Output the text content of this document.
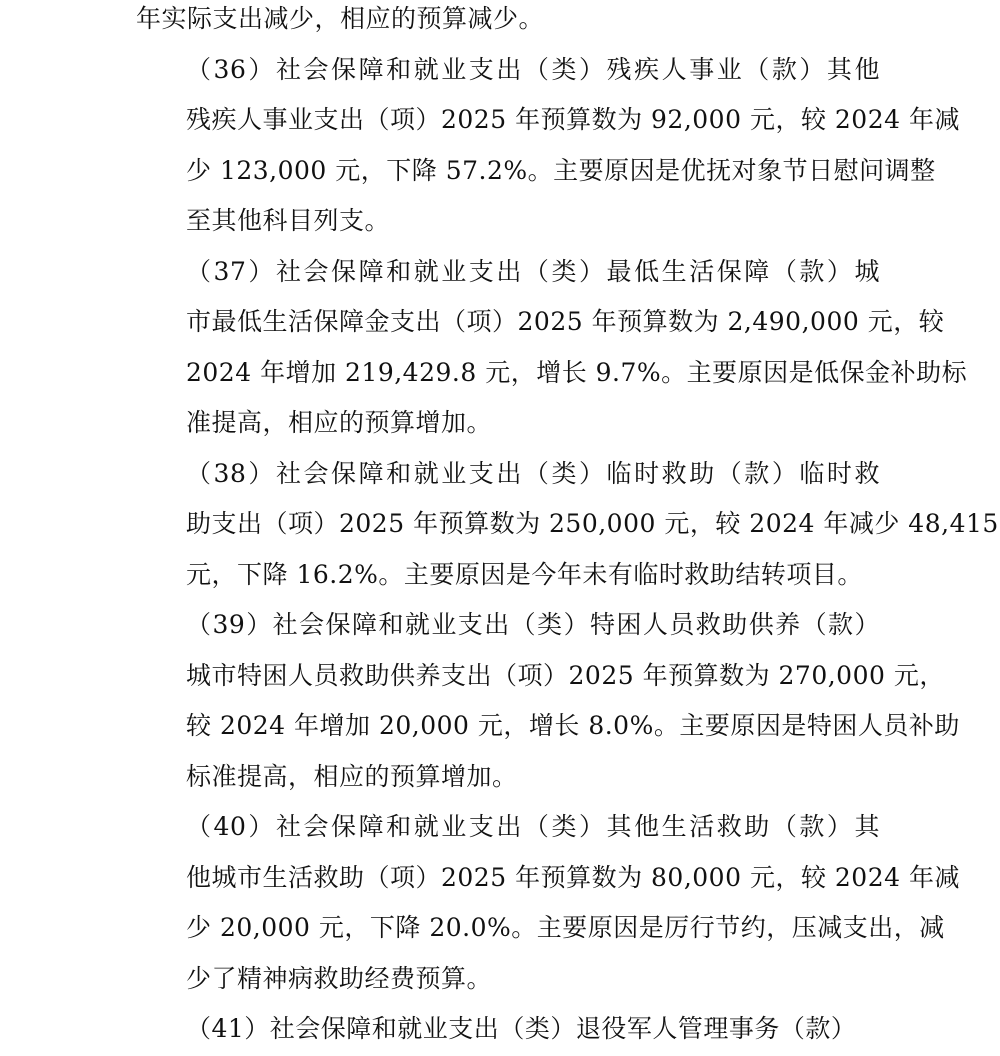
年实际支出减少，相应的预算减少。

（36）社会保障和就业支出（类）残疾人事业（款）其他
残疾人事业支出（项）2025 年预算数为 92,000 元，较 2024 年减
少 123,000 元，下降 57.2%。主要原因是优抚对象节日慰问调整
至其他科目列支。

（37）社会保障和就业支出（类）最低生活保障（款）城
市最低生活保障金支出（项）2025 年预算数为 2,490,000 元，较
2024 年增加 219,429.8 元，增长 9.7%。主要原因是低保金补助标
准提高，相应的预算增加。

（38）社会保障和就业支出（类）临时救助（款）临时救
助支出（项）2025 年预算数为 250,000 元，较 2024 年减少 48,415
元，下降 16.2%。主要原因是今年未有临时救助结转项目。

（39）社会保障和就业支出（类）特困人员救助供养（款）
城市特困人员救助供养支出（项）2025 年预算数为 270,000 元，
较 2024 年增加 20,000 元，增长 8.0%。主要原因是特困人员补助
标准提高，相应的预算增加。

（40）社会保障和就业支出（类）其他生活救助（款）其
他城市生活救助（项）2025 年预算数为 80,000 元，较 2024 年减
少 20,000 元，下降 20.0%。主要原因是厉行节约，压减支出，减
少了精神病救助经费预算。

（41）社会保障和就业支出（类）退役军人管理事务（款）
